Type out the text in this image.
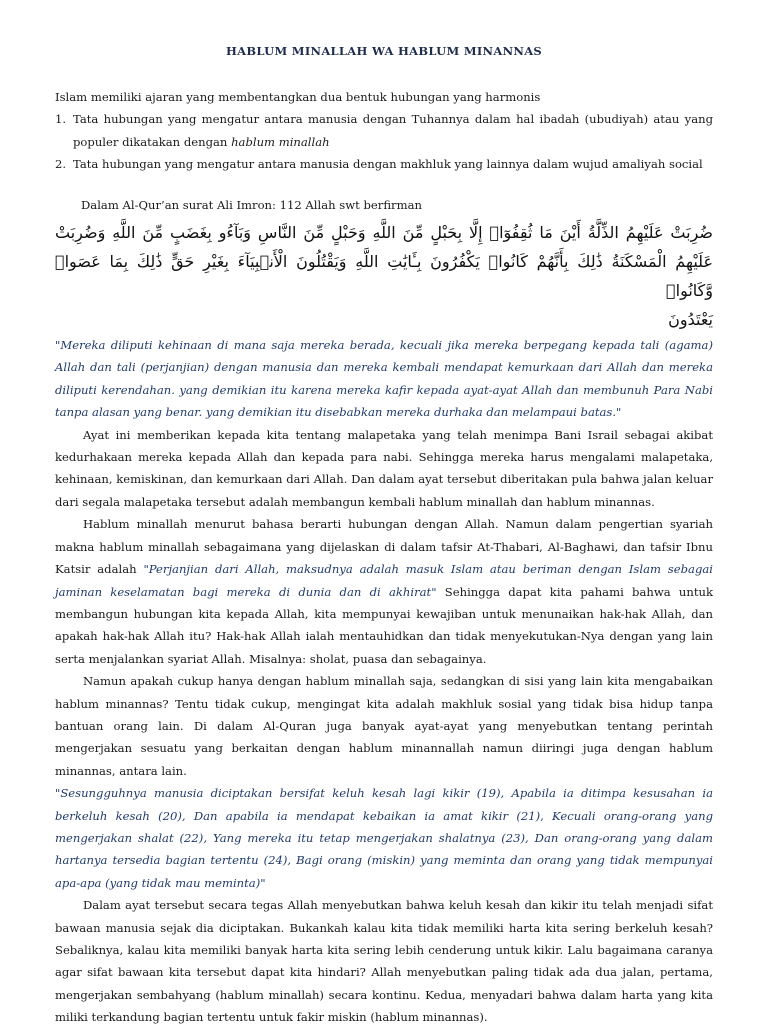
HABLUM MINALLAH WA HABLUM MINANNAS

Islam memiliki ajaran yang membentangkan dua bentuk hubungan yang harmonis

1. Tata hubungan yang mengatur antara manusia dengan Tuhannya dalam hal ibadah (ubudiyah) atau yang populer dikatakan dengan hablum minallah
2. Tata hubungan yang mengatur antara manusia dengan makhluk yang lainnya dalam wujud amaliyah social

Dalam Al-Qur’an surat Ali Imron: 112 Allah swt berfirman

ضُرِبَتْ عَلَيْهِمُ الذِّلَّةُ أَيْنَ مَا ثُقِفُوٓا۟ إِلَّا بِحَبْلٍ مِّنَ اللَّهِ وَحَبْلٍ مِّنَ النَّاسِ وَبَآءُو بِغَضَبٍ مِّنَ اللَّهِ وَضُرِبَتْ عَلَيْهِمُ الْمَسْكَنَةُ ذَٰلِكَ بِأَنَّهُمْ كَانُوا۟ يَكْفُرُونَ بِـَٔايَٰتِ اللَّهِ وَيَقْتُلُونَ الْأَنۢبِيَآءَ بِغَيْرِ حَقٍّ ذَٰلِكَ بِمَا عَصَوا۟ وَّكَانُوا۟
يَعْتَدُونَ

"Mereka diliputi kehinaan di mana saja mereka berada, kecuali jika mereka berpegang kepada tali (agama) Allah dan tali (perjanjian) dengan manusia dan mereka kembali mendapat kemurkaan dari Allah dan mereka diliputi kerendahan. yang demikian itu karena mereka kafir kepada ayat-ayat Allah dan membunuh Para Nabi tanpa alasan yang benar. yang demikian itu disebabkan mereka durhaka dan melampaui batas."

Ayat ini memberikan kepada kita tentang malapetaka yang telah menimpa Bani Israil sebagai akibat kedurhakaan mereka kepada Allah dan kepada para nabi. Sehingga mereka harus mengalami malapetaka, kehinaan, kemiskinan, dan kemurkaan dari Allah. Dan dalam ayat tersebut diberitakan pula bahwa jalan keluar dari segala malapetaka tersebut adalah membangun kembali hablum minallah dan hablum minannas.

Hablum minallah menurut bahasa berarti hubungan dengan Allah. Namun dalam pengertian syariah makna hablum minallah sebagaimana yang dijelaskan di dalam tafsir At-Thabari, Al-Baghawi, dan tafsir Ibnu Katsir adalah "Perjanjian dari Allah, maksudnya adalah masuk Islam atau beriman dengan Islam sebagai jaminan keselamatan bagi mereka di dunia dan di akhirat" Sehingga dapat kita pahami bahwa untuk membangun hubungan kita kepada Allah, kita mempunyai kewajiban untuk menunaikan hak-hak Allah, dan apakah hak-hak Allah itu? Hak-hak Allah ialah mentauhidkan dan tidak menyekutukan-Nya dengan yang lain serta menjalankan syariat Allah. Misalnya: sholat, puasa dan sebagainya.

Namun apakah cukup hanya dengan hablum minallah saja, sedangkan di sisi yang lain kita mengabaikan hablum minannas? Tentu tidak cukup, mengingat kita adalah makhluk sosial yang tidak bisa hidup tanpa bantuan orang lain. Di dalam Al-Quran juga banyak ayat-ayat yang menyebutkan tentang perintah mengerjakan sesuatu yang berkaitan dengan hablum minannallah namun diiringi juga dengan hablum minannas, antara lain.

"Sesungguhnya manusia diciptakan bersifat keluh kesah lagi kikir (19), Apabila ia ditimpa kesusahan ia berkeluh kesah (20), Dan apabila ia mendapat kebaikan ia amat kikir (21), Kecuali orang-orang yang mengerjakan shalat (22), Yang mereka itu tetap mengerjakan shalatnya (23), Dan orang-orang yang dalam hartanya tersedia bagian tertentu (24), Bagi orang (miskin) yang meminta dan orang yang tidak mempunyai apa-apa (yang tidak mau meminta)"

Dalam ayat tersebut secara tegas Allah menyebutkan bahwa keluh kesah dan kikir itu telah menjadi sifat bawaan manusia sejak dia diciptakan. Bukankah kalau kita tidak memiliki harta kita sering berkeluh kesah? Sebaliknya, kalau kita memiliki banyak harta kita sering lebih cenderung untuk kikir. Lalu bagaimana caranya agar sifat bawaan kita tersebut dapat kita hindari? Allah menyebutkan paling tidak ada dua jalan, pertama, mengerjakan sembahyang (hablum minallah) secara kontinu. Kedua, menyadari bahwa dalam harta yang kita miliki terkandung bagian tertentu untuk fakir miskin (hablum minannas).
